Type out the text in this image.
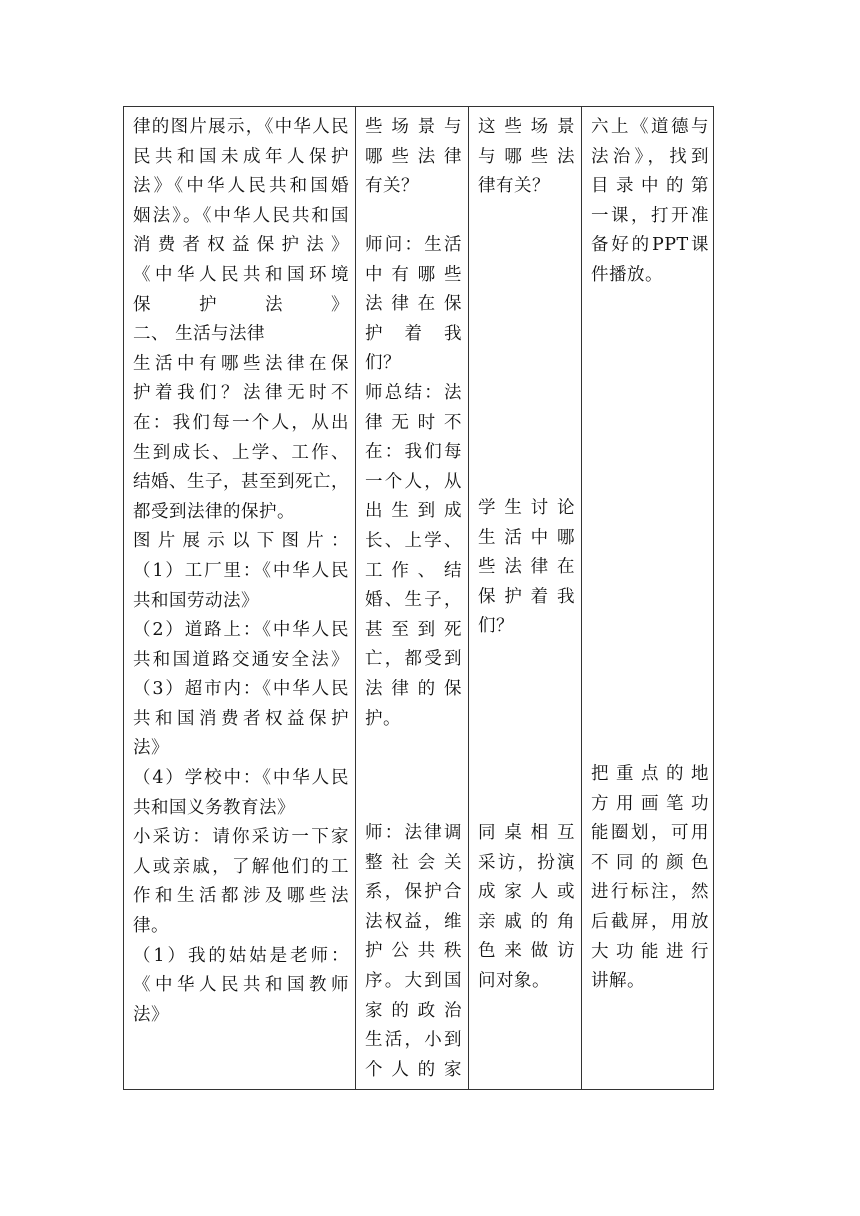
律的图片展示，《中华人民
民共和国未成年人保护
法》《中华人民共和国婚
姻法》。《中华人民共和国
消费者权益保护法》
《中华人民共和国环境
保护法》
二、 生活与法律
生活中有哪些法律在保
护着我们？法律无时不
在：我们每一个人，从出
生到成长、上学、工作、
结婚、生子，甚至到死亡，
都受到法律的保护。
图片展示以下图片：
（1）工厂里：《中华人民
共和国劳动法》
（2）道路上：《中华人民
共和国道路交通安全法》
（3）超市内：《中华人民
共和国消费者权益保护
法》
（4）学校中：《中华人民
共和国义务教育法》
小采访：请你采访一下家
人或亲戚，了解他们的工
作和生活都涉及哪些法
律。
（1）我的姑姑是老师：
《中华人民共和国教师
法》
些场景与
哪些法律
有关？
师问：生活
中有哪些
法律在保
护 着 我
们？
师总结：法
律无时不
在：我们每
一个人，从
出生到成
长、上学、
工作、结
婚、生子，
甚至到死
亡，都受到
法律的保
护。
师：法律调
整社会关
系，保护合
法权益，维
护公共秩
序。大到国
家的政治
生活，小到
个人的家
这些场景
与哪些法
律有关？
学生讨论
生活中哪
些法律在
保护着我
们？
同桌相互
采访，扮演
成家人或
亲戚的角
色来做访
问对象。
六上《道德与
法治》，找到
目录中的第
一课，打开准
备好的PPT课
件播放。
把重点的地
方用画笔功
能圈划，可用
不同的颜色
进行标注，然
后截屏，用放
大功能进行
讲解。
